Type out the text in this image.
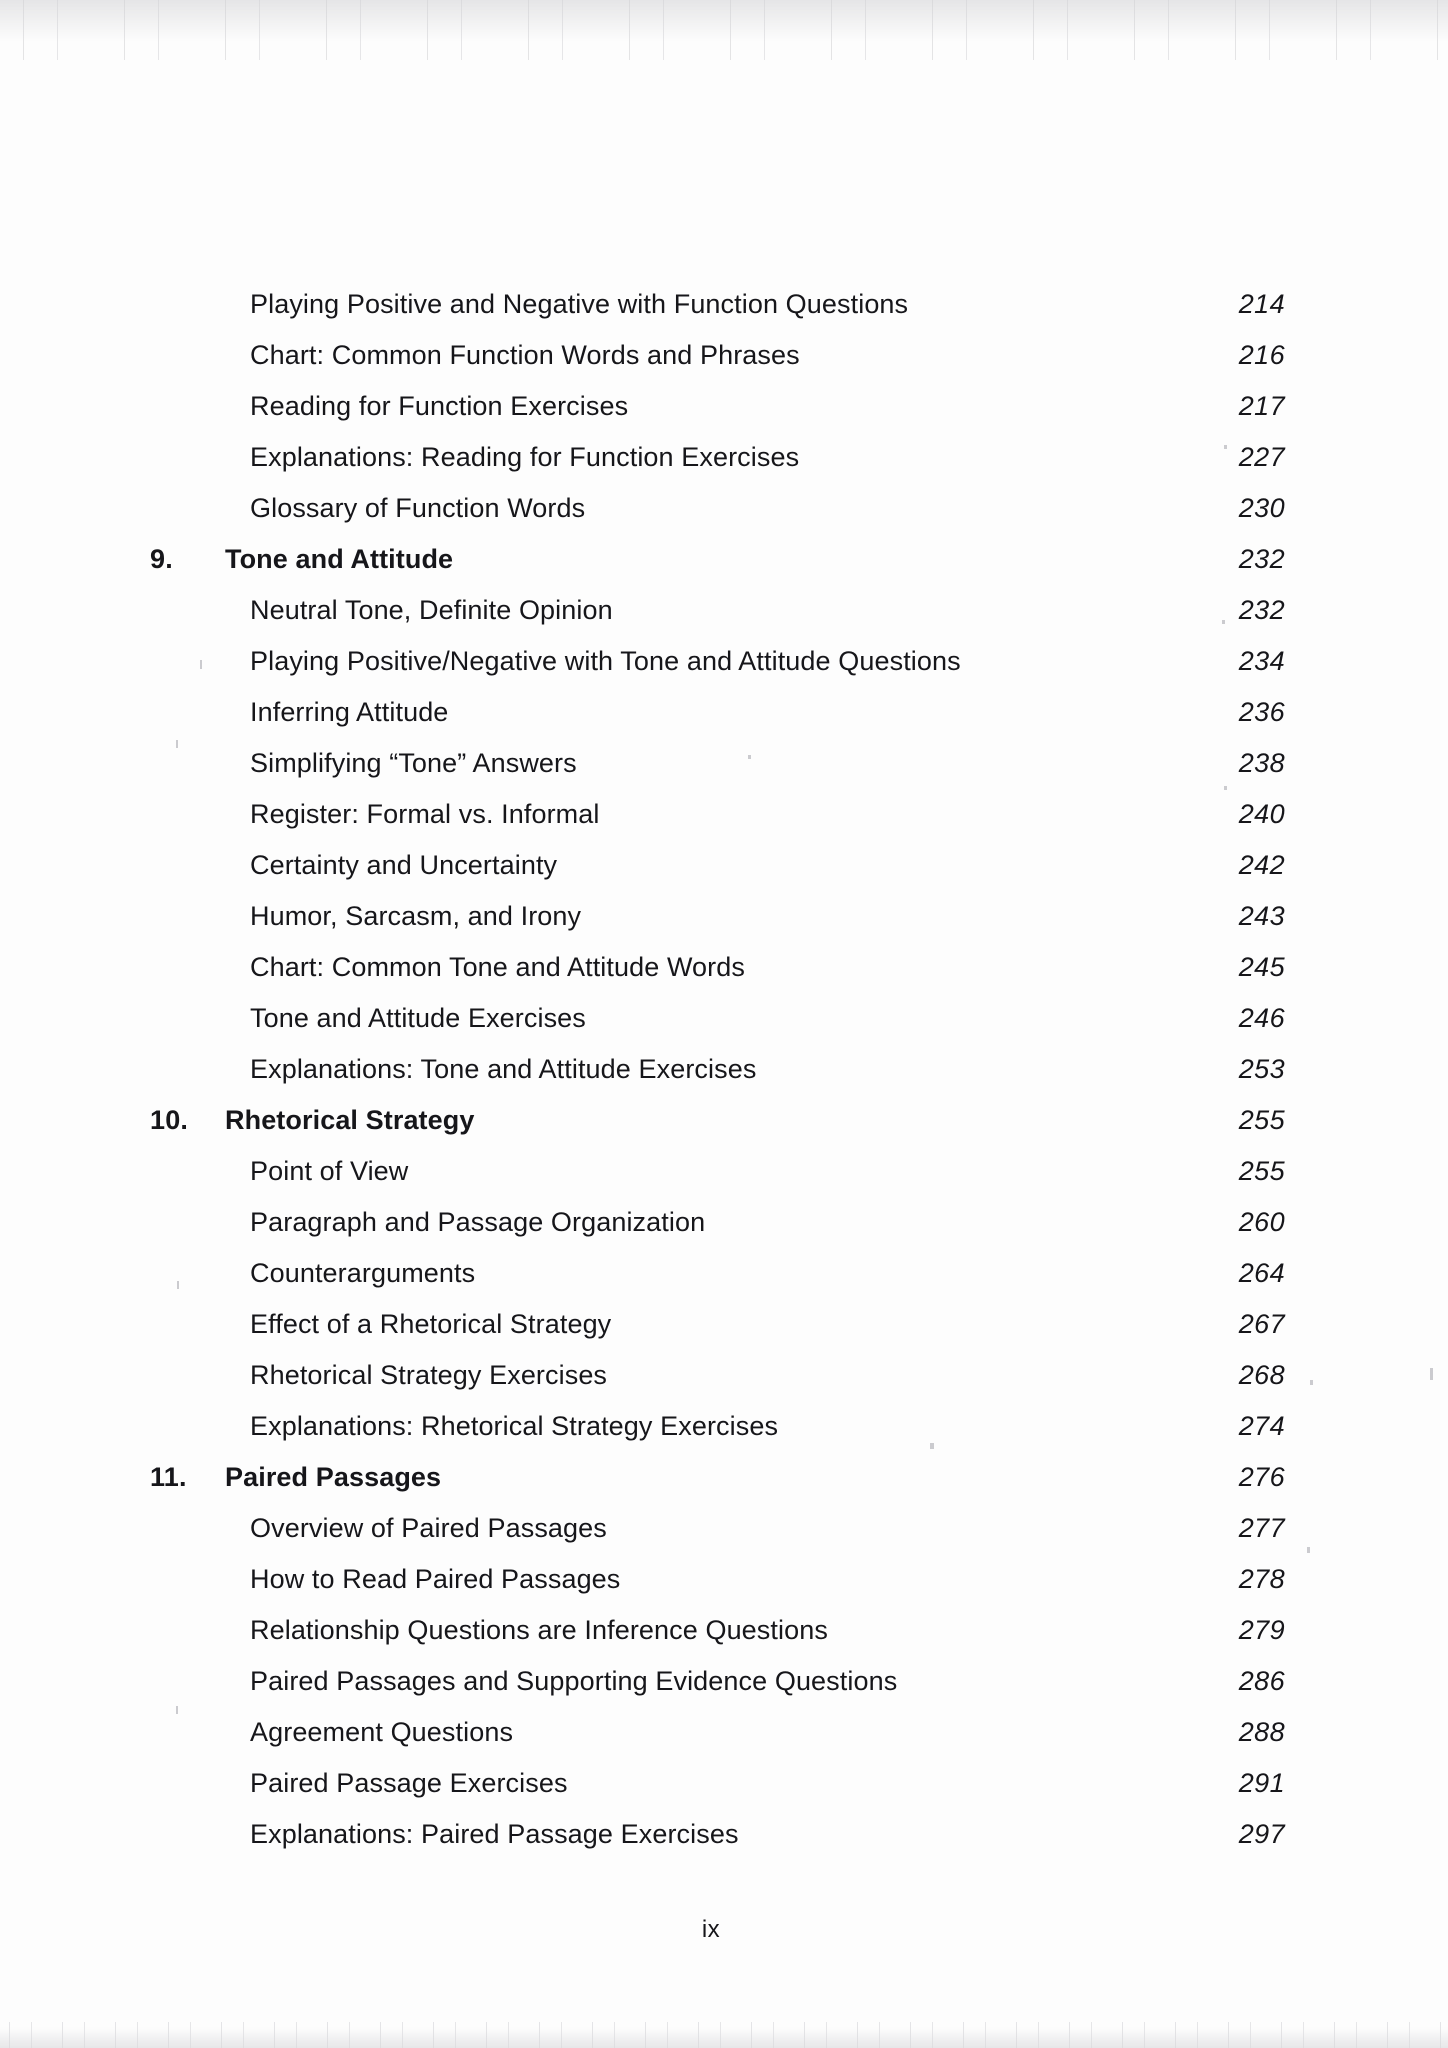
Playing Positive and Negative with Function Questions	214
Chart: Common Function Words and Phrases	216
Reading for Function Exercises	217
Explanations: Reading for Function Exercises	227
Glossary of Function Words	230
9.	Tone and Attitude	232
Neutral Tone, Definite Opinion	232
Playing Positive/Negative with Tone and Attitude Questions	234
Inferring Attitude	236
Simplifying “Tone” Answers	238
Register: Formal vs. Informal	240
Certainty and Uncertainty	242
Humor, Sarcasm, and Irony	243
Chart: Common Tone and Attitude Words	245
Tone and Attitude Exercises	246
Explanations: Tone and Attitude Exercises	253
10.	Rhetorical Strategy	255
Point of View	255
Paragraph and Passage Organization	260
Counterarguments	264
Effect of a Rhetorical Strategy	267
Rhetorical Strategy Exercises	268
Explanations: Rhetorical Strategy Exercises	274
11.	Paired Passages	276
Overview of Paired Passages	277
How to Read Paired Passages	278
Relationship Questions are Inference Questions	279
Paired Passages and Supporting Evidence Questions	286
Agreement Questions	288
Paired Passage Exercises	291
Explanations: Paired Passage Exercises	297
ix
